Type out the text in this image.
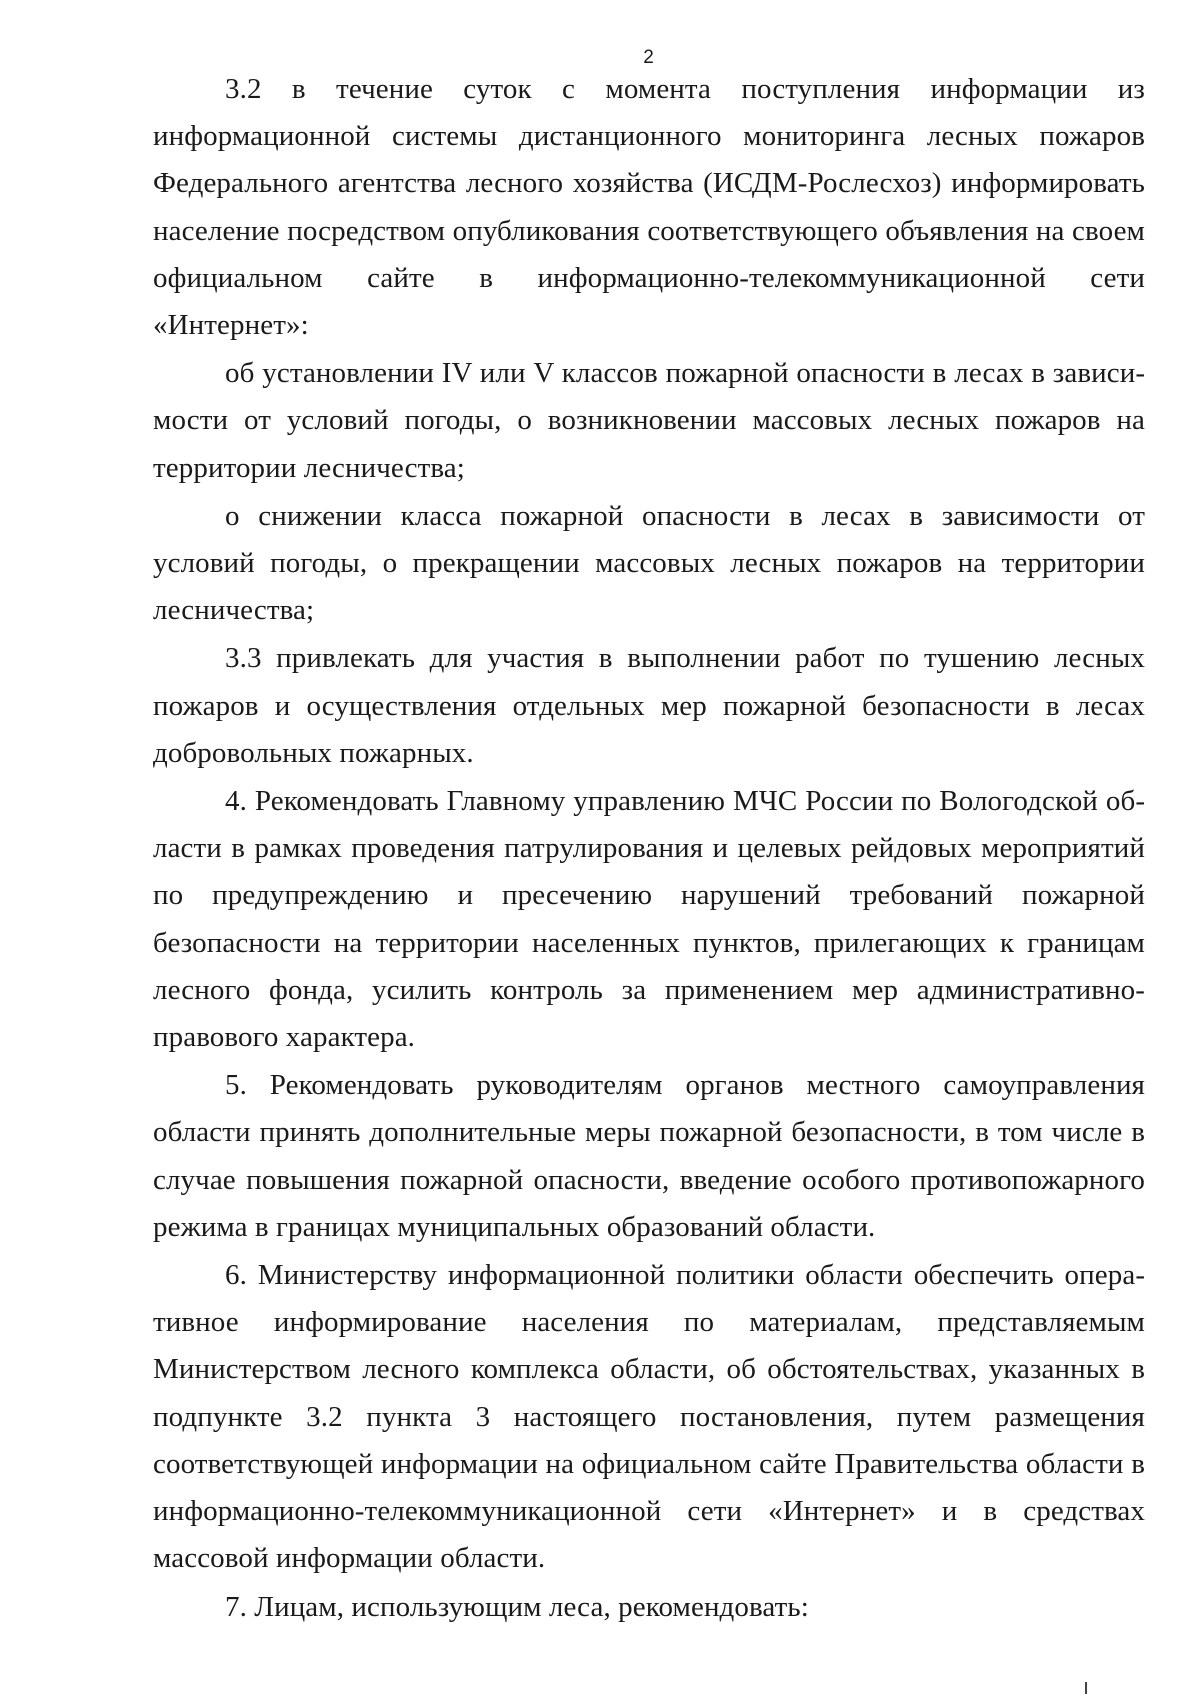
2

3.2 в течение суток с момента поступления информации из информационной системы дистанционного мониторинга лесных пожаров Федерального агентства лесного хозяйства (ИСДМ-Рослесхоз) информировать население посредством опубликования соответствующего объявления на своем официальном сайте в информационно-телекоммуникационной сети «Интернет»:

об установлении IV или V классов пожарной опасности в лесах в зависимости от условий погоды, о возникновении массовых лесных пожаров на территории лесничества;

о снижении класса пожарной опасности в лесах в зависимости от условий погоды, о прекращении массовых лесных пожаров на территории лесничества;

3.3 привлекать для участия в выполнении работ по тушению лесных пожаров и осуществления отдельных мер пожарной безопасности в лесах добровольных пожарных.

4. Рекомендовать Главному управлению МЧС России по Вологодской области в рамках проведения патрулирования и целевых рейдовых мероприятий по предупреждению и пресечению нарушений требований пожарной безопасности на территории населенных пунктов, прилегающих к границам лесного фонда, усилить контроль за применением мер административно-правового характера.

5. Рекомендовать руководителям органов местного самоуправления области принять дополнительные меры пожарной безопасности, в том числе в случае повышения пожарной опасности, введение особого противопожарного режима в границах муниципальных образований области.

6. Министерству информационной политики области обеспечить оперативное информирование населения по материалам, представляемым Министерством лесного комплекса области, об обстоятельствах, указанных в подпункте 3.2 пункта 3 настоящего постановления, путем размещения соответствующей информации на официальном сайте Правительства области в информационно-телекоммуникационной сети «Интернет» и в средствах массовой информации области.

7. Лицам, использующим леса, рекомендовать:
